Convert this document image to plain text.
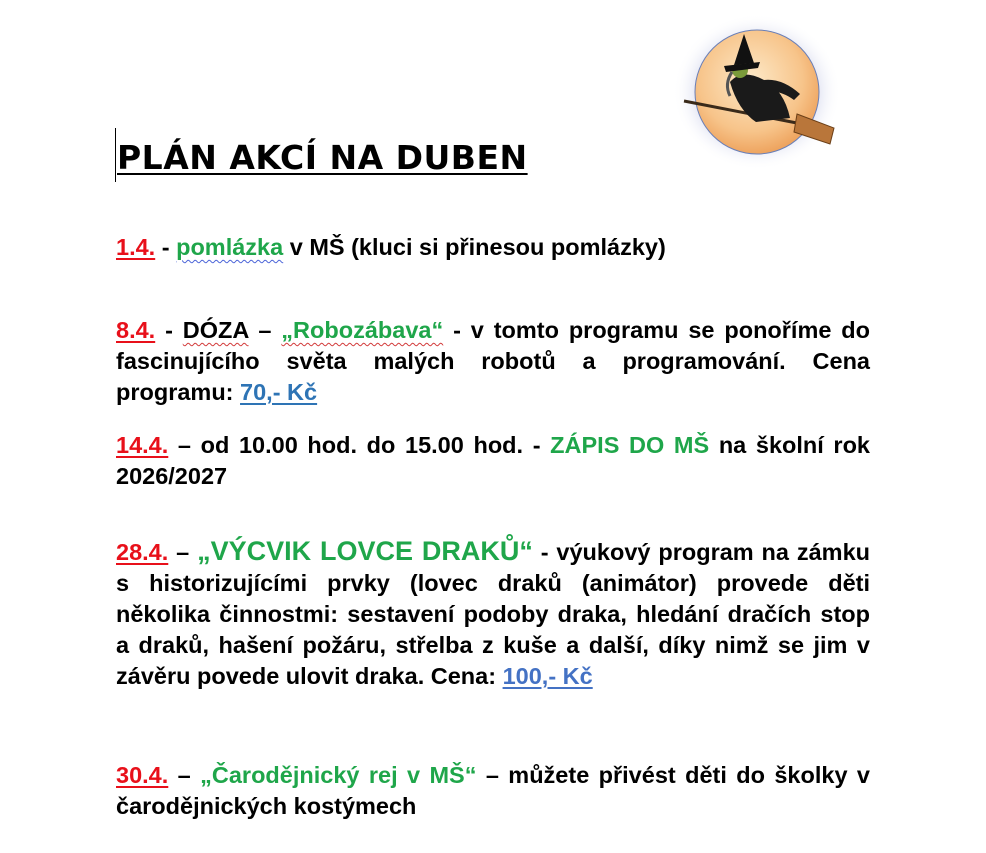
PLÁN AKCÍ NA DUBEN

1.4. - pomlázka v MŠ (kluci si přinesou pomlázky)

8.4. - DÓZA – „Robozábava“ - v tomto programu se ponoříme do fascinujícího světa malých robotů a programování. Cena programu: 70,- Kč

14.4. – od 10.00 hod. do 15.00 hod. - ZÁPIS DO MŠ na školní rok 2026/2027

28.4. – „VÝCVIK LOVCE DRAKŮ“ - výukový program na zámku s historizujícími prvky (lovec draků (animátor) provede děti několika činnostmi: sestavení podoby draka, hledání dračích stop a draků, hašení požáru, střelba z kuše a další, díky nimž se jim v závěru povede ulovit draka. Cena: 100,- Kč

30.4. – „Čarodějnický rej v MŠ“ – můžete přivést děti do školky v čarodějnických kostýmech
